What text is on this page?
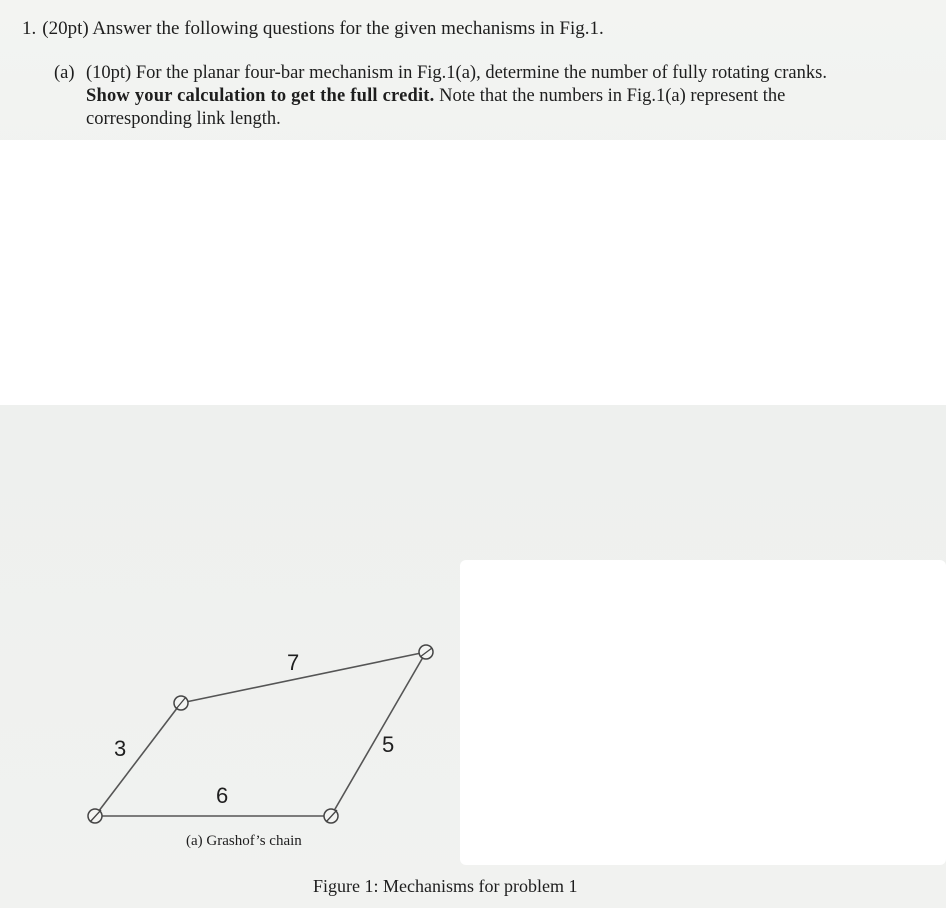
1. (20pt) Answer the following questions for the given mechanisms in Fig.1.
(a) (10pt) For the planar four-bar mechanism in Fig.1(a), determine the number of fully rotating cranks.
Show your calculation to get the full credit. Note that the numbers in Fig.1(a) represent the
corresponding link length.
7
3
6
5
(a) Grashof’s chain
Figure 1: Mechanisms for problem 1
